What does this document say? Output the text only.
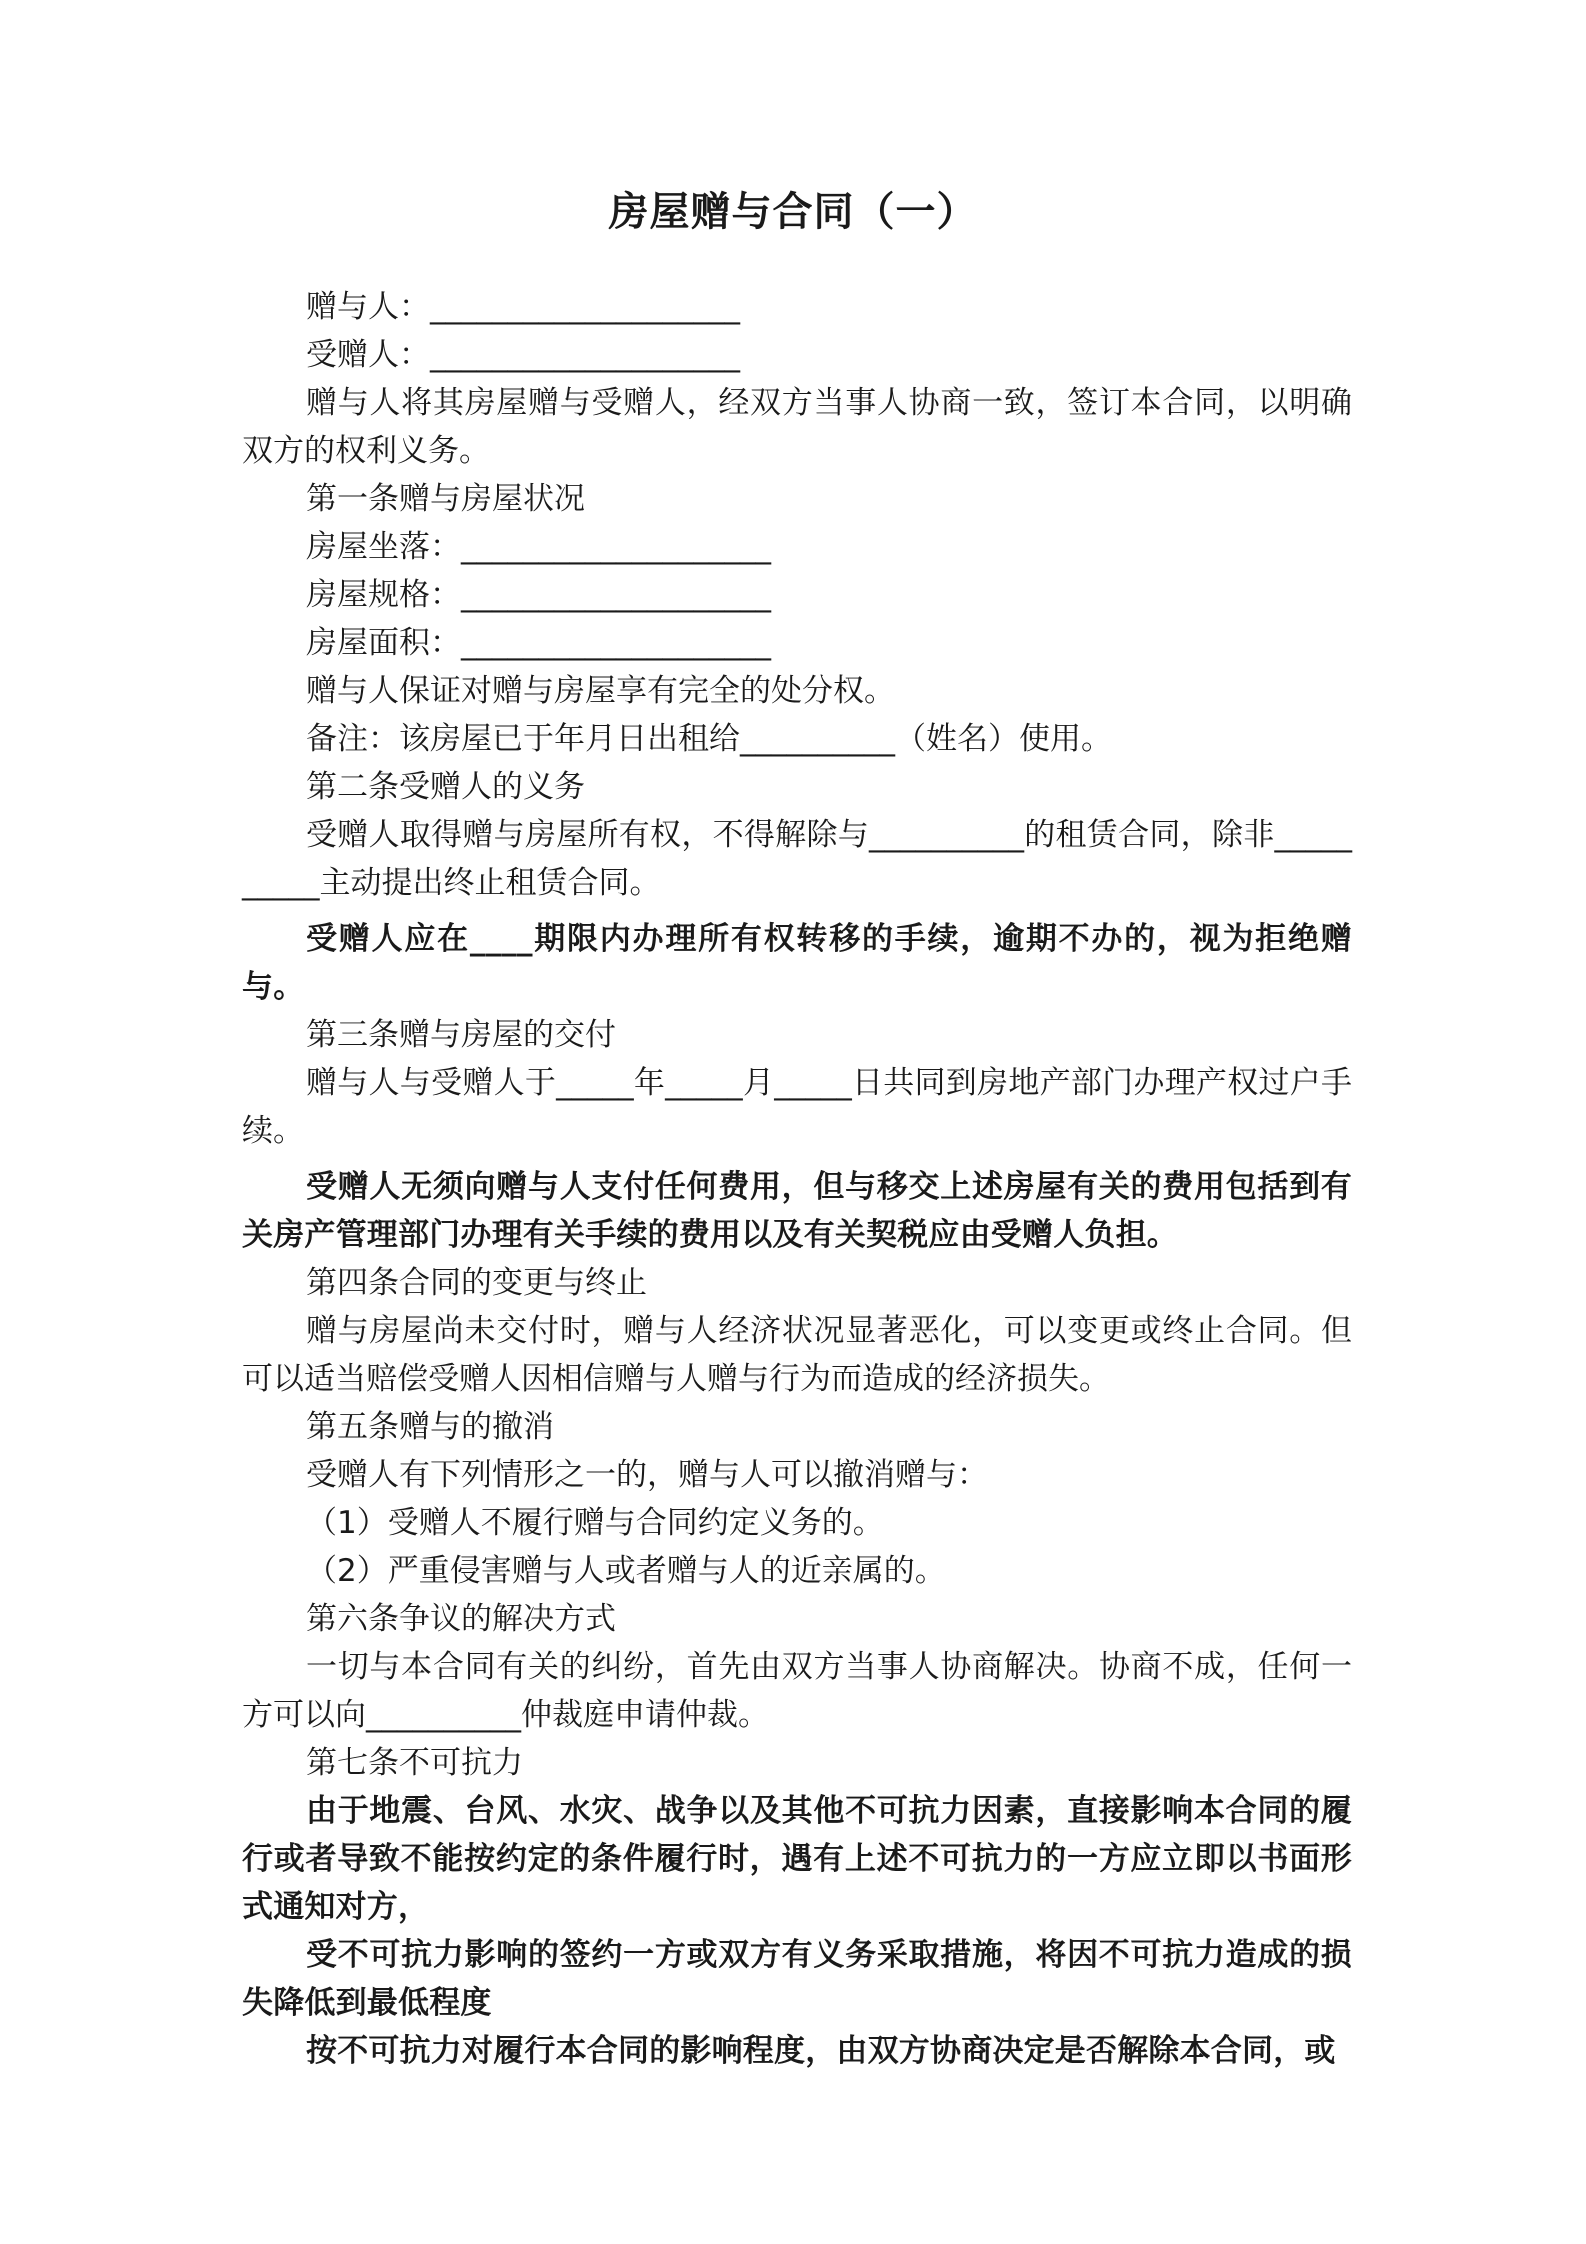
房屋赠与合同（一）

赠与人：____________________

受赠人：____________________

赠与人将其房屋赠与受赠人，经双方当事人协商一致，签订本合同，以明确双方的权利义务。

第一条赠与房屋状况

房屋坐落：____________________

房屋规格：____________________

房屋面积：____________________

赠与人保证对赠与房屋享有完全的处分权。

备注：该房屋已于年月日出租给__________（姓名）使用。

第二条受赠人的义务

受赠人取得赠与房屋所有权，不得解除与__________的租赁合同，除非__________主动提出终止租赁合同。

受赠人应在____期限内办理所有权转移的手续，逾期不办的，视为拒绝赠与。

第三条赠与房屋的交付

赠与人与受赠人于_____年_____月_____日共同到房地产部门办理产权过户手续。

受赠人无须向赠与人支付任何费用，但与移交上述房屋有关的费用包括到有关房产管理部门办理有关手续的费用以及有关契税应由受赠人负担。

第四条合同的变更与终止

赠与房屋尚未交付时，赠与人经济状况显著恶化，可以变更或终止合同。但可以适当赔偿受赠人因相信赠与人赠与行为而造成的经济损失。

第五条赠与的撤消

受赠人有下列情形之一的，赠与人可以撤消赠与：

（1）受赠人不履行赠与合同约定义务的。

（2）严重侵害赠与人或者赠与人的近亲属的。

第六条争议的解决方式

一切与本合同有关的纠纷，首先由双方当事人协商解决。协商不成，任何一方可以向__________仲裁庭申请仲裁。

第七条不可抗力

由于地震、台风、水灾、战争以及其他不可抗力因素，直接影响本合同的履行或者导致不能按约定的条件履行时，遇有上述不可抗力的一方应立即以书面形式通知对方，

受不可抗力影响的签约一方或双方有义务采取措施，将因不可抗力造成的损失降低到最低程度

按不可抗力对履行本合同的影响程度，由双方协商决定是否解除本合同，或
